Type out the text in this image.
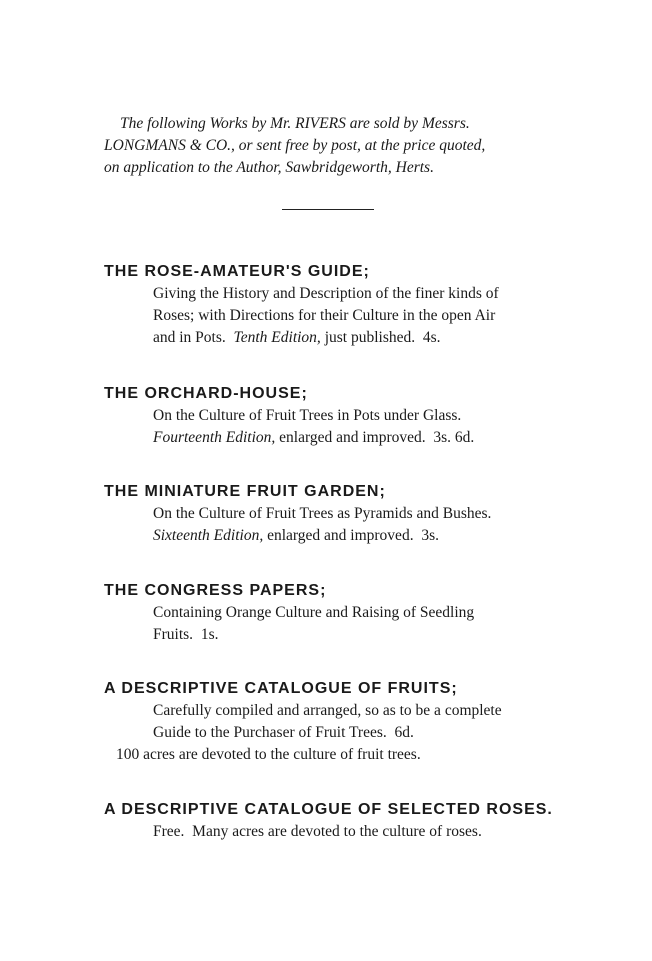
The following Works by Mr. RIVERS are sold by Messrs.

LONGMANS & CO., or sent free by post, at the price quoted,

on application to the Author, Sawbridgeworth, Herts.

THE ROSE-AMATEUR'S GUIDE;

Giving the History and Description of the finer kinds of
Roses; with Directions for their Culture in the open Air
and in Pots. Tenth Edition, just published. 4s.

THE ORCHARD-HOUSE;

On the Culture of Fruit Trees in Pots under Glass.
Fourteenth Edition, enlarged and improved. 3s. 6d.

THE MINIATURE FRUIT GARDEN;

On the Culture of Fruit Trees as Pyramids and Bushes.
Sixteenth Edition, enlarged and improved. 3s.

THE CONGRESS PAPERS;

Containing Orange Culture and Raising of Seedling
Fruits. 1s.

A DESCRIPTIVE CATALOGUE OF FRUITS;

Carefully compiled and arranged, so as to be a complete
Guide to the Purchaser of Fruit Trees. 6d.
100 acres are devoted to the culture of fruit trees.

A DESCRIPTIVE CATALOGUE OF SELECTED ROSES.

Free. Many acres are devoted to the culture of roses.
